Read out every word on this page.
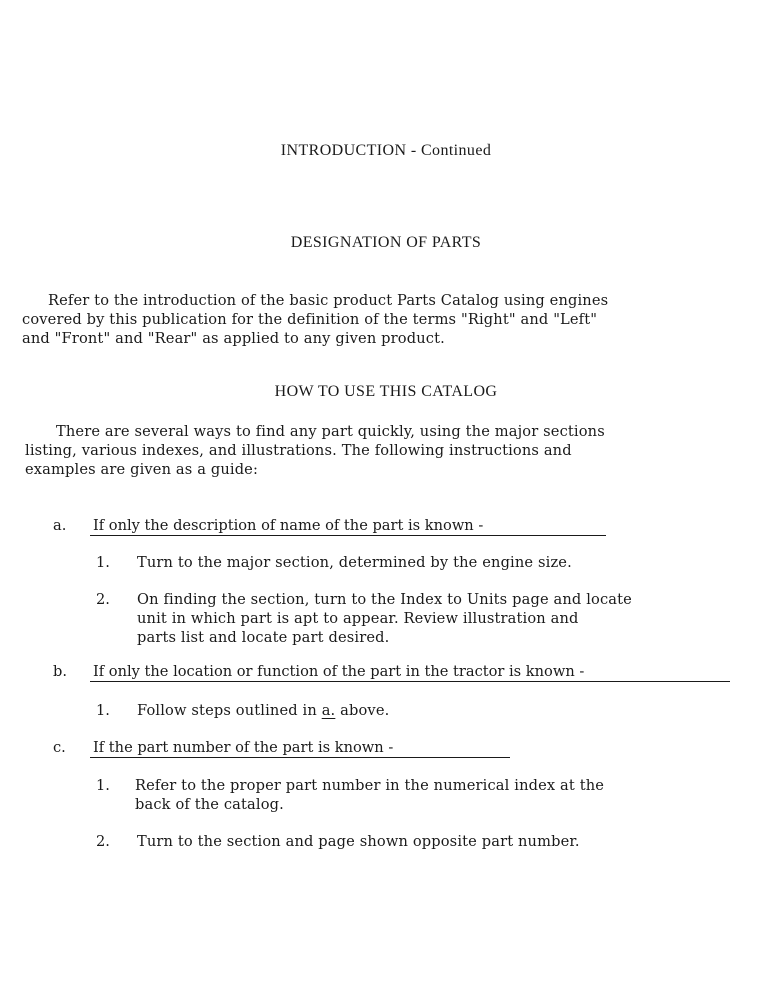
INTRODUCTION - Continued
DESIGNATION OF PARTS
Refer to the introduction of the basic product Parts Catalog using engines
covered by this publication for the definition of the terms "Right" and "Left"
and "Front" and "Rear" as applied to any given product.
HOW TO USE THIS CATALOG
There are several ways to find any part quickly, using the major sections
listing, various indexes, and illustrations. The following instructions and
examples are given as a guide:
a. If only the description of name of the part is known -
1. Turn to the major section, determined by the engine size.
2. On finding the section, turn to the Index to Units page and locate
unit in which part is apt to appear. Review illustration and
parts list and locate part desired.
b. If only the location or function of the part in the tractor is known -
1. Follow steps outlined in a. above.
c. If the part number of the part is known -
1. Refer to the proper part number in the numerical index at the
back of the catalog.
2. Turn to the section and page shown opposite part number.
